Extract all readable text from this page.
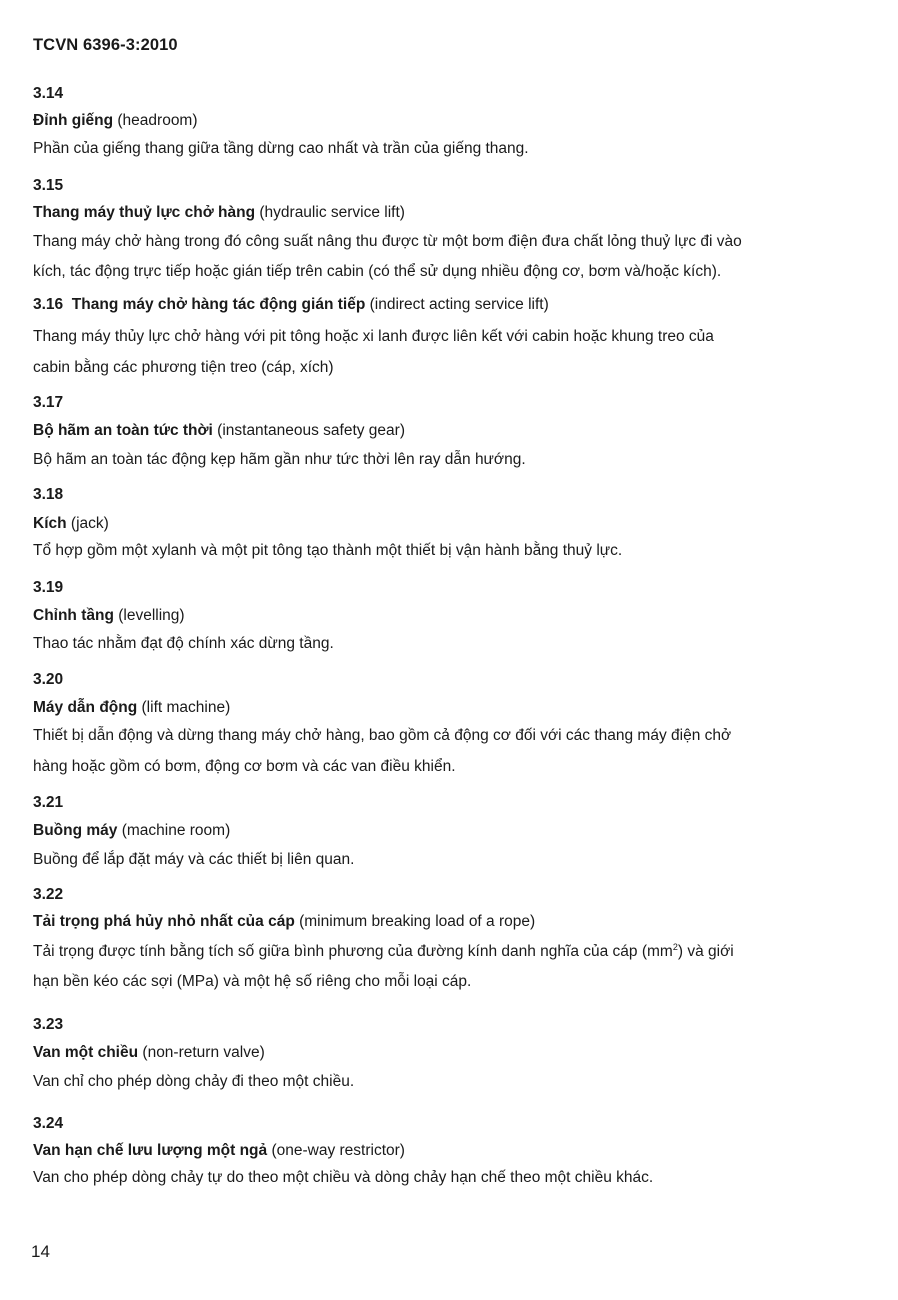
TCVN 6396-3:2010
3.14
Đỉnh giếng (headroom)
Phần của giếng thang giữa tầng dừng cao nhất và trần của giếng thang.
3.15
Thang máy thuỷ lực chở hàng (hydraulic service lift)
Thang máy chở hàng trong đó công suất nâng thu được từ một bơm điện đưa chất lỏng thuỷ lực đi vào
kích, tác động trực tiếp hoặc gián tiếp trên cabin (có thể sử dụng nhiều động cơ, bơm và/hoặc kích).
3.16 Thang máy chở hàng tác động gián tiếp (indirect acting service lift)
Thang máy thủy lực chở hàng với pit tông hoặc xi lanh được liên kết với cabin hoặc khung treo của
cabin bằng các phương tiện treo (cáp, xích)
3.17
Bộ hãm an toàn tức thời (instantaneous safety gear)
Bộ hãm an toàn tác động kẹp hãm gần như tức thời lên ray dẫn hướng.
3.18
Kích (jack)
Tổ hợp gồm một xylanh và một pit tông tạo thành một thiết bị vận hành bằng thuỷ lực.
3.19
Chỉnh tầng (levelling)
Thao tác nhằm đạt độ chính xác dừng tầng.
3.20
Máy dẫn động (lift machine)
Thiết bị dẫn động và dừng thang máy chở hàng, bao gồm cả động cơ đối với các thang máy điện chở
hàng hoặc gồm có bơm, động cơ bơm và các van điều khiển.
3.21
Buồng máy (machine room)
Buồng để lắp đặt máy và các thiết bị liên quan.
3.22
Tải trọng phá hủy nhỏ nhất của cáp (minimum breaking load of a rope)
Tải trọng được tính bằng tích số giữa bình phương của đường kính danh nghĩa của cáp $(mm^2)$ và giới
hạn bền kéo các sợi (MPa) và một hệ số riêng cho mỗi loại cáp.
3.23
Van một chiều (non-return valve)
Van chỉ cho phép dòng chảy đi theo một chiều.
3.24
Van hạn chế lưu lượng một ngả (one-way restrictor)
Van cho phép dòng chảy tự do theo một chiều và dòng chảy hạn chế theo một chiều khác.
14
